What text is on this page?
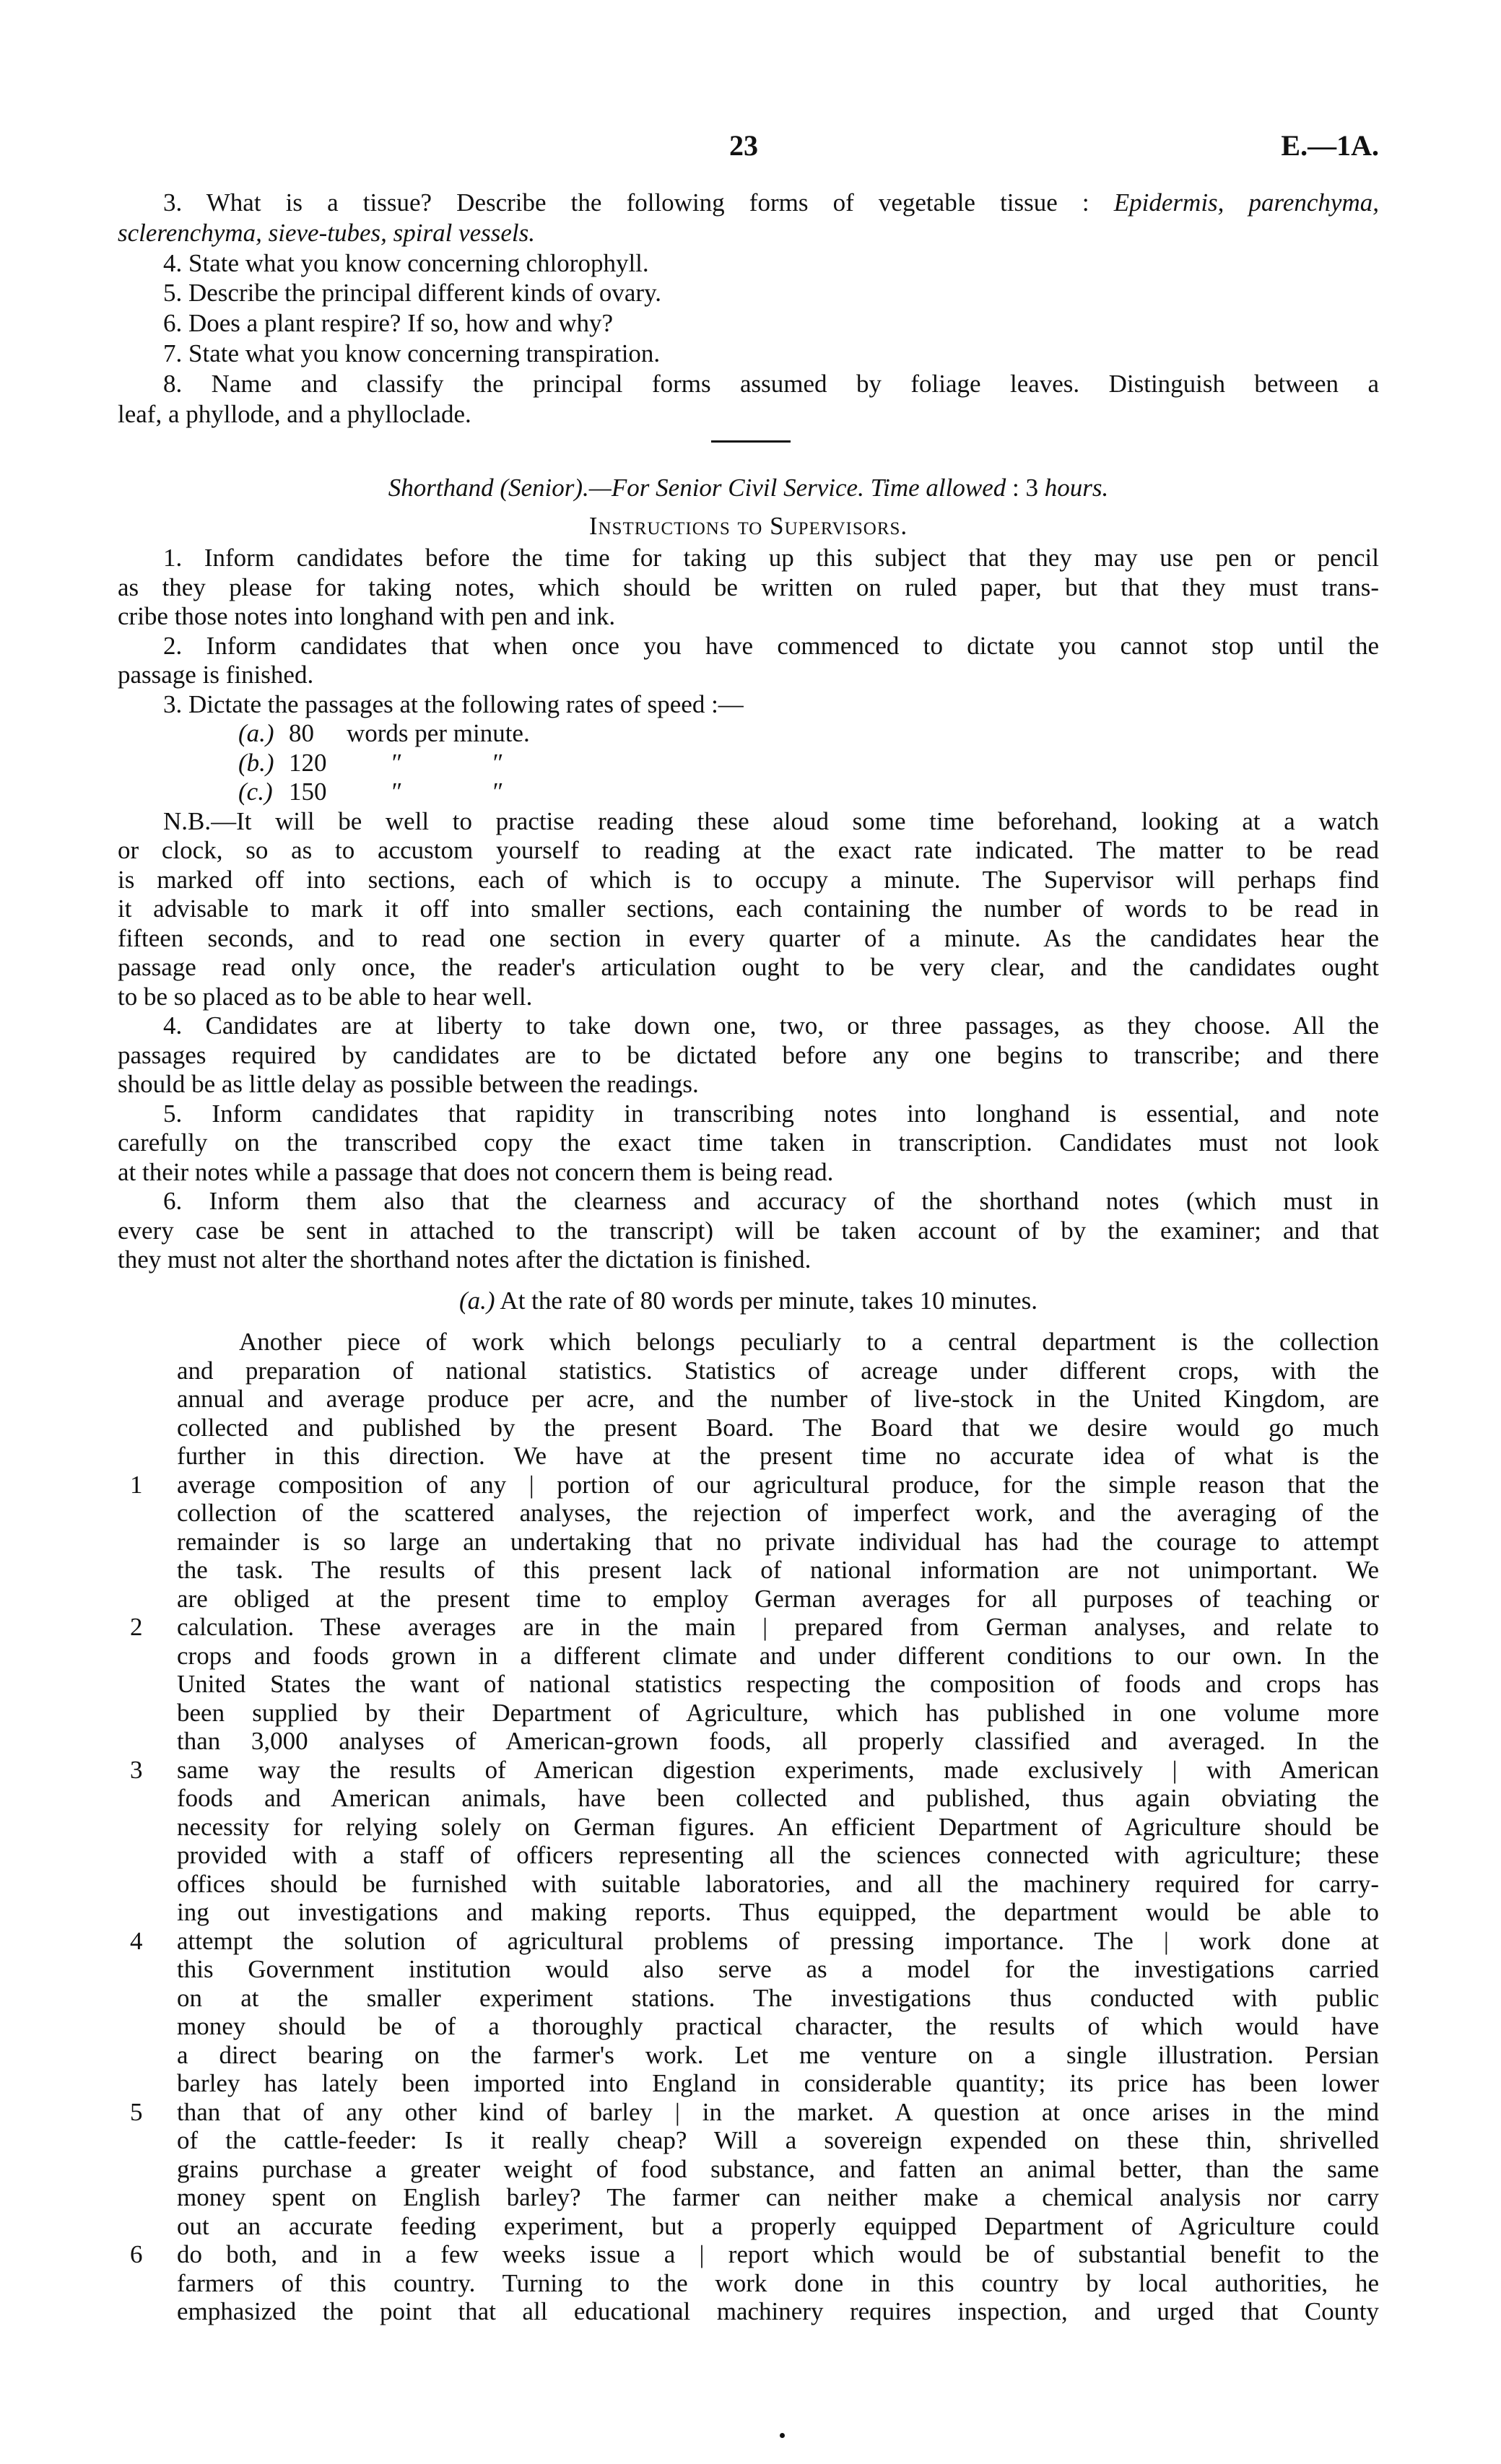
23	E.—1A.
Shorthand (Senior).—For Senior Civil Service. Time allowed : 3 hours.
Instructions to Supervisors.
(a.) At the rate of 80 words per minute, takes 10 minutes.
3. What is a tissue? Describe the following forms of vegetable tissue : Epidermis, parenchyma,
sclerenchyma, sieve-tubes, spiral vessels.
4. State what you know concerning chlorophyll.
5. Describe the principal different kinds of ovary.
6. Does a plant respire? If so, how and why?
7. State what you know concerning transpiration.
8. Name and classify the principal forms assumed by foliage leaves. Distinguish between a
leaf, a phyllode, and a phylloclade.
1. Inform candidates before the time for taking up this subject that they may use pen or pencil
as they please for taking notes, which should be written on ruled paper, but that they must trans-
cribe those notes into longhand with pen and ink.
2. Inform candidates that when once you have commenced to dictate you cannot stop until the
passage is finished.
3. Dictate the passages at the following rates of speed :—
(a.) 80 words per minute.
(b.) 120	″	″
(c.) 150	″	″
N.B.—It will be well to practise reading these aloud some time beforehand, looking at a watch
or clock, so as to accustom yourself to reading at the exact rate indicated. The matter to be read
is marked off into sections, each of which is to occupy a minute. The Supervisor will perhaps find
it advisable to mark it off into smaller sections, each containing the number of words to be read in
fifteen seconds, and to read one section in every quarter of a minute. As the candidates hear the
passage read only once, the reader's articulation ought to be very clear, and the candidates ought
to be so placed as to be able to hear well.
4. Candidates are at liberty to take down one, two, or three passages, as they choose. All the
passages required by candidates are to be dictated before any one begins to transcribe; and there
should be as little delay as possible between the readings.
5. Inform candidates that rapidity in transcribing notes into longhand is essential, and note
carefully on the transcribed copy the exact time taken in transcription. Candidates must not look
at their notes while a passage that does not concern them is being read.
6. Inform them also that the clearness and accuracy of the shorthand notes (which must in
every case be sent in attached to the transcript) will be taken account of by the examiner; and that
they must not alter the shorthand notes after the dictation is finished.
Another piece of work which belongs peculiarly to a central department is the collection
and preparation of national statistics. Statistics of acreage under different crops, with the
annual and average produce per acre, and the number of live-stock in the United Kingdom, are
collected and published by the present Board. The Board that we desire would go much
further in this direction. We have at the present time no accurate idea of what is the
average composition of any | portion of our agricultural produce, for the simple reason that the
1
collection of the scattered analyses, the rejection of imperfect work, and the averaging of the
remainder is so large an undertaking that no private individual has had the courage to attempt
the task. The results of this present lack of national information are not unimportant. We
are obliged at the present time to employ German averages for all purposes of teaching or
calculation. These averages are in the main | prepared from German analyses, and relate to
2
crops and foods grown in a different climate and under different conditions to our own. In the
United States the want of national statistics respecting the composition of foods and crops has
been supplied by their Department of Agriculture, which has published in one volume more
than 3,000 analyses of American-grown foods, all properly classified and averaged. In the
same way the results of American digestion experiments, made exclusively | with American
3
foods and American animals, have been collected and published, thus again obviating the
necessity for relying solely on German figures. An efficient Department of Agriculture should be
provided with a staff of officers representing all the sciences connected with agriculture; these
offices should be furnished with suitable laboratories, and all the machinery required for carry-
ing out investigations and making reports. Thus equipped, the department would be able to
attempt the solution of agricultural problems of pressing importance. The | work done at
4
this Government institution would also serve as a model for the investigations carried
on at the smaller experiment stations. The investigations thus conducted with public
money should be of a thoroughly practical character, the results of which would have
a direct bearing on the farmer's work. Let me venture on a single illustration. Persian
barley has lately been imported into England in considerable quantity; its price has been lower
than that of any other kind of barley | in the market. A question at once arises in the mind
5
of the cattle-feeder: Is it really cheap? Will a sovereign expended on these thin, shrivelled
grains purchase a greater weight of food substance, and fatten an animal better, than the same
money spent on English barley? The farmer can neither make a chemical analysis nor carry
out an accurate feeding experiment, but a properly equipped Department of Agriculture could
do both, and in a few weeks issue a | report which would be of substantial benefit to the
6
farmers of this country. Turning to the work done in this country by local authorities, he
emphasized the point that all educational machinery requires inspection, and urged that County
